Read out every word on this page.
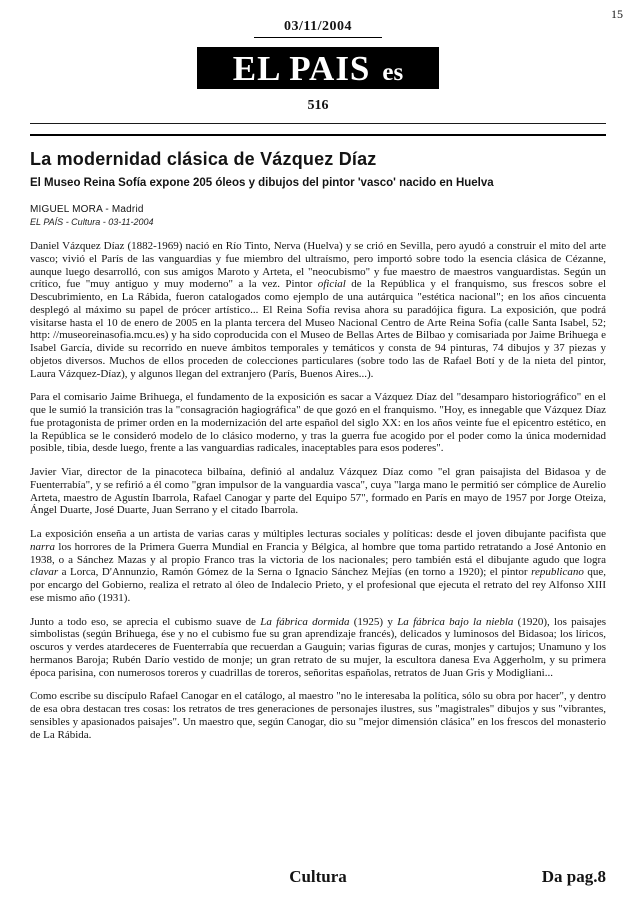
15
03/11/2004
EL PAIS es
516
La modernidad clásica de Vázquez Díaz
El Museo Reina Sofía expone 205 óleos y dibujos del pintor 'vasco' nacido en Huelva
MIGUEL MORA - Madrid
EL PAÍS - Cultura - 03-11-2004

Daniel Vázquez Díaz (1882-1969) nació en Río Tinto, Nerva (Huelva) y se crió en Sevilla, pero ayudó a construir el mito del arte vasco; vivió el París de las vanguardias y fue miembro del ultraísmo, pero importó sobre todo la esencia clásica de Cézanne, aunque luego desarrolló, con sus amigos Maroto y Arteta, el "neocubismo" y fue maestro de maestros vanguardistas. Según un crítico, fue "muy antiguo y muy moderno" a la vez. Pintor oficial de la República y el franquismo, sus frescos sobre el Descubrimiento, en La Rábida, fueron catalogados como ejemplo de una autárquica "estética nacional"; en los años cincuenta desplegó al máximo su papel de prócer artístico... El Reina Sofía revisa ahora su paradójica figura. La exposición, que podrá visitarse hasta el 10 de enero de 2005 en la planta tercera del Museo Nacional Centro de Arte Reina Sofía (calle Santa Isabel, 52; http: //museoreinasofia.mcu.es) y ha sido coproducida con el Museo de Bellas Artes de Bilbao y comisariada por Jaime Brihuega e Isabel García, divide su recorrido en nueve ámbitos temporales y temáticos y consta de 94 pinturas, 74 dibujos y 37 piezas y objetos diversos. Muchos de ellos proceden de colecciones particulares (sobre todo las de Rafael Botí y de la nieta del pintor, Laura Vázquez-Díaz), y algunos llegan del extranjero (París, Buenos Aires...).

Para el comisario Jaime Brihuega, el fundamento de la exposición es sacar a Vázquez Díaz del "desamparo historiográfico" en el que le sumió la transición tras la "consagración hagiográfica" de que gozó en el franquismo. "Hoy, es innegable que Vázquez Díaz fue protagonista de primer orden en la modernización del arte español del siglo XX: en los años veinte fue el epicentro estético, en la República se le consideró modelo de lo clásico moderno, y tras la guerra fue acogido por el poder como la única modernidad posible, tibia, desde luego, frente a las vanguardias radicales, inaceptables para esos poderes".

Javier Viar, director de la pinacoteca bilbaína, definió al andaluz Vázquez Díaz como "el gran paisajista del Bidasoa y de Fuenterrabía", y se refirió a él como "gran impulsor de la vanguardia vasca", cuya "larga mano le permitió ser cómplice de Aurelio Arteta, maestro de Agustín Ibarrola, Rafael Canogar y parte del Equipo 57", formado en París en mayo de 1957 por Jorge Oteiza, Ángel Duarte, José Duarte, Juan Serrano y el citado Ibarrola.

La exposición enseña a un artista de varias caras y múltiples lecturas sociales y políticas: desde el joven dibujante pacifista que narra los horrores de la Primera Guerra Mundial en Francia y Bélgica, al hombre que toma partido retratando a José Antonio en 1938, o a Sánchez Mazas y al propio Franco tras la victoria de los nacionales; pero también está el dibujante agudo que logra clavar a Lorca, D'Annunzio, Ramón Gómez de la Serna o Ignacio Sánchez Mejías (en torno a 1920); el pintor republicano que, por encargo del Gobierno, realiza el retrato al óleo de Indalecio Prieto, y el profesional que ejecuta el retrato del rey Alfonso XIII ese mismo año (1931).

Junto a todo eso, se aprecia el cubismo suave de La fábrica dormida (1925) y La fábrica bajo la niebla (1920), los paisajes simbolistas (según Brihuega, ése y no el cubismo fue su gran aprendizaje francés), delicados y luminosos del Bidasoa; los líricos, oscuros y verdes atardeceres de Fuenterrabía que recuerdan a Gauguin; varias figuras de curas, monjes y cartujos; Unamuno y los hermanos Baroja; Rubén Darío vestido de monje; un gran retrato de su mujer, la escultora danesa Eva Aggerholm, y su primera época parisina, con numerosos toreros y cuadrillas de toreros, señoritas españolas, retratos de Juan Gris y Modigliani...

Como escribe su discípulo Rafael Canogar en el catálogo, al maestro "no le interesaba la política, sólo su obra por hacer", y dentro de esa obra destacan tres cosas: los retratos de tres generaciones de personajes ilustres, sus "magistrales" dibujos y sus "vibrantes, sensibles y apasionados paisajes". Un maestro que, según Canogar, dio su "mejor dimensión clásica" en los frescos del monasterio de La Rábida.

Cultura	Da pag.8
